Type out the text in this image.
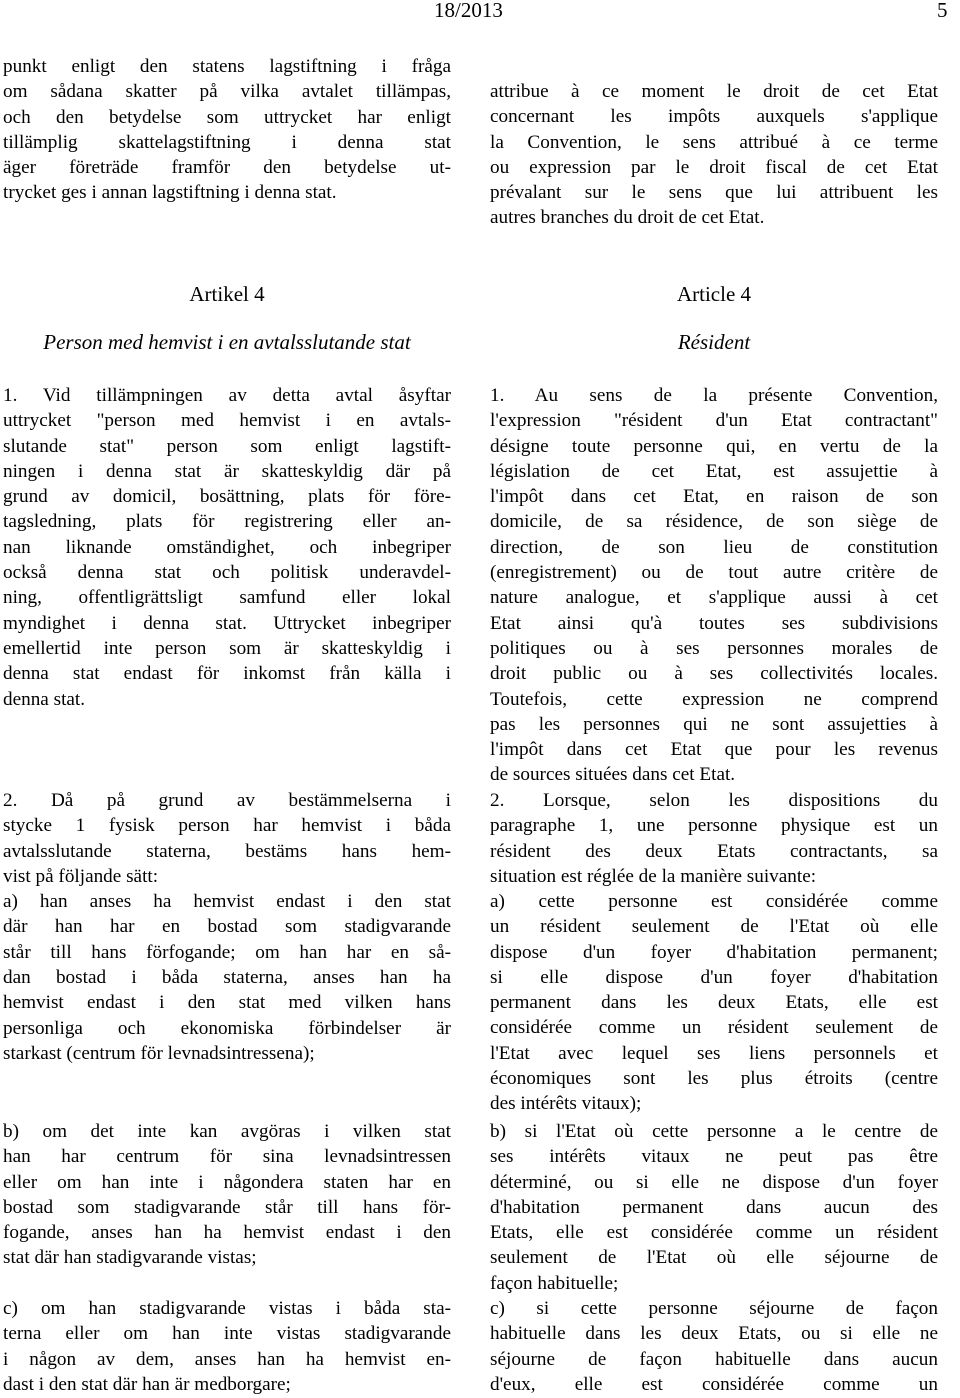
18/2013	5

punkt enligt den statens lagstiftning i fråga

om sådana skatter på vilka avtalet tillämpas,

och den betydelse som uttrycket har enligt

tillämplig skattelagstiftning i denna stat

äger företräde framför den betydelse ut-

trycket ges i annan lagstiftning i denna stat.

Artikel 4

Person med hemvist i en avtalsslutande stat

1. Vid tillämpningen av detta avtal åsyftar

uttrycket "person med hemvist i en avtals-

slutande stat" person som enligt lagstift-

ningen i denna stat är skatteskyldig där på

grund av domicil, bosättning, plats för före-

tagsledning, plats för registrering eller an-

nan liknande omständighet, och inbegriper

också denna stat och politisk underavdel-

ning, offentligrättsligt samfund eller lokal

myndighet i denna stat. Uttrycket inbegriper

emellertid inte person som är skatteskyldig i

denna stat endast för inkomst från källa i

denna stat.

2. Då på grund av bestämmelserna i

stycke 1 fysisk person har hemvist i båda

avtalsslutande staterna, bestäms hans hem-

vist på följande sätt:

a) han anses ha hemvist endast i den stat

där han har en bostad som stadigvarande

står till hans förfogande; om han har en så-

dan bostad i båda staterna, anses han ha

hemvist endast i den stat med vilken hans

personliga och ekonomiska förbindelser är

starkast (centrum för levnadsintressena);

b) om det inte kan avgöras i vilken stat

han har centrum för sina levnadsintressen

eller om han inte i någondera staten har en

bostad som stadigvarande står till hans för-

fogande, anses han ha hemvist endast i den

stat där han stadigvarande vistas;

c) om han stadigvarande vistas i båda sta-

terna eller om han inte vistas stadigvarande

i någon av dem, anses han ha hemvist en-

dast i den stat där han är medborgare;

attribue à ce moment le droit de cet Etat

concernant les impôts auxquels s'applique

la Convention, le sens attribué à ce terme

ou expression par le droit fiscal de cet Etat

prévalant sur le sens que lui attribuent les

autres branches du droit de cet Etat.

Article 4

Résident

1. Au sens de la présente Convention,

l'expression "résident d'un Etat contractant"

désigne toute personne qui, en vertu de la

législation de cet Etat, est assujettie à

l'impôt dans cet Etat, en raison de son

domicile, de sa résidence, de son siège de

direction, de son lieu de constitution

(enregistrement) ou de tout autre critère de

nature analogue, et s'applique aussi à cet

Etat ainsi qu'à toutes ses subdivisions

politiques ou à ses personnes morales de

droit public ou à ses collectivités locales.

Toutefois, cette expression ne comprend

pas les personnes qui ne sont assujetties à

l'impôt dans cet Etat que pour les revenus

de sources situées dans cet Etat.

2. Lorsque, selon les dispositions du

paragraphe 1, une personne physique est un

résident des deux Etats contractants, sa

situation est réglée de la manière suivante:

a) cette personne est considérée comme

un résident seulement de l'Etat où elle

dispose d'un foyer d'habitation permanent;

si elle dispose d'un foyer d'habitation

permanent dans les deux Etats, elle est

considérée comme un résident seulement de

l'Etat avec lequel ses liens personnels et

économiques sont les plus étroits (centre

des intérêts vitaux);

b) si l'Etat où cette personne a le centre de

ses intérêts vitaux ne peut pas être

déterminé, ou si elle ne dispose d'un foyer

d'habitation permanent dans aucun des

Etats, elle est considérée comme un résident

seulement de l'Etat où elle séjourne de

façon habituelle;

c) si cette personne séjourne de façon

habituelle dans les deux Etats, ou si elle ne

séjourne de façon habituelle dans aucun

d'eux, elle est considérée comme un
